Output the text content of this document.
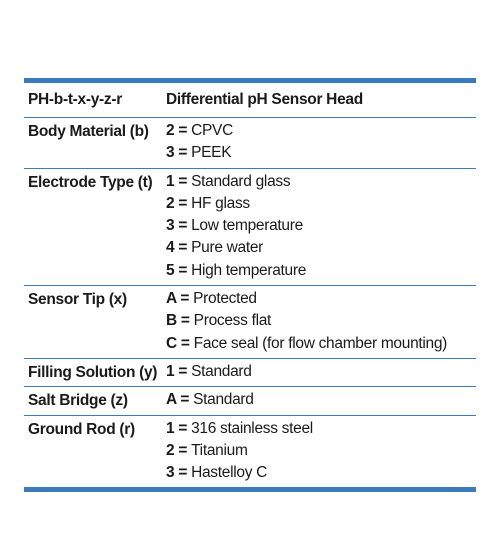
PH-b-t-x-y-z-r	Differential pH Sensor Head
Body Material (b)	2 = CPVC
3 = PEEK
Electrode Type (t) 1 = Standard glass
2 = HF glass
3 = Low temperature
4 = Pure water
5 = High temperature
Sensor Tip (x)	A = Protected
B = Process flat
C = Face seal (for flow chamber mounting)
Filling Solution (y) 1 = Standard
Salt Bridge (z)	A = Standard
Ground Rod (r)	1 = 316 stainless steel
2 = Titanium
3 = Hastelloy C
